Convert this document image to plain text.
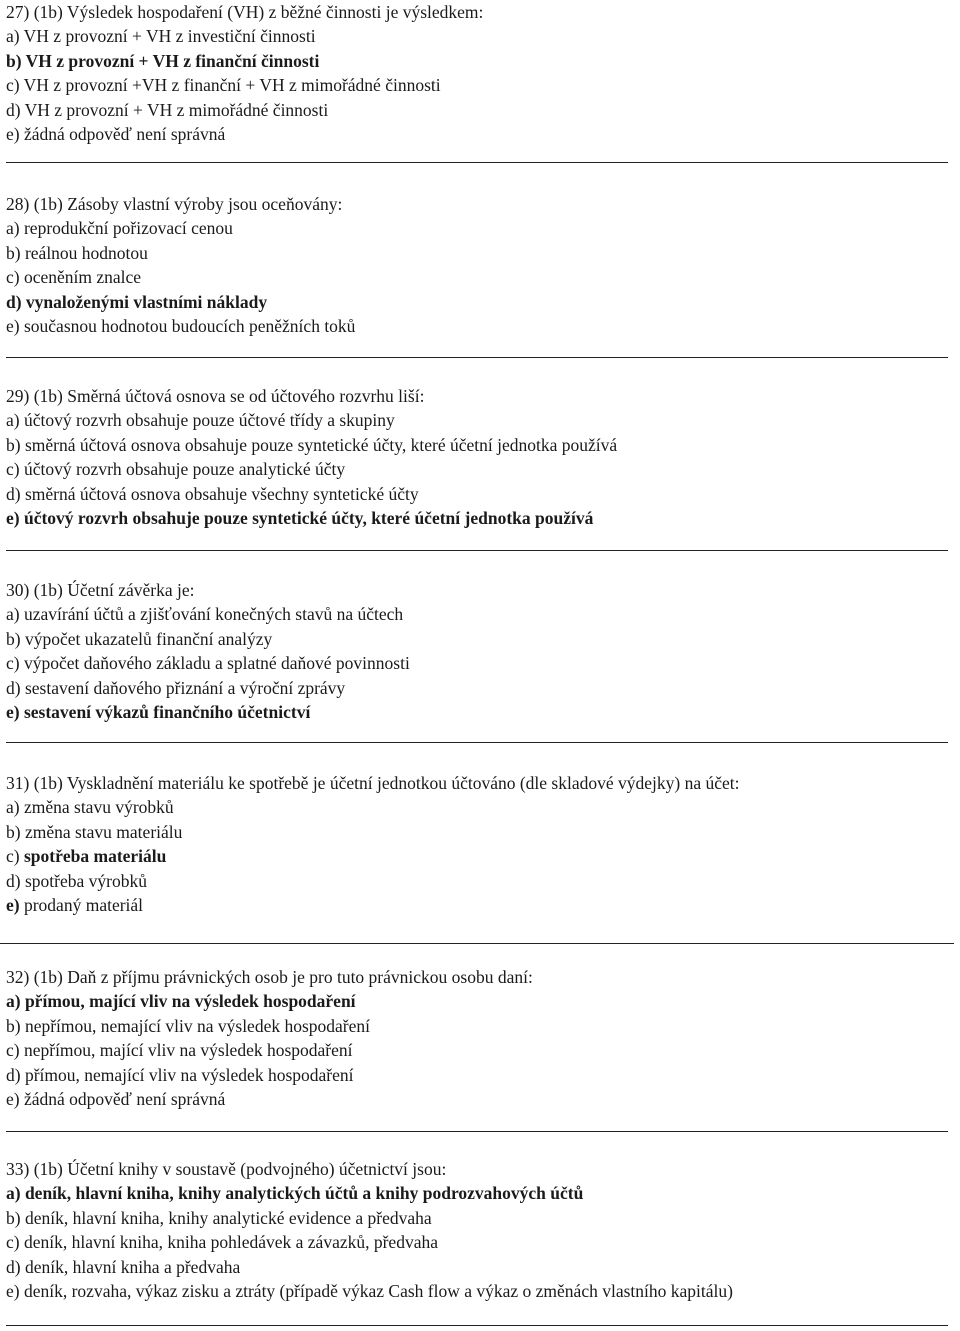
27) (1b) Výsledek hospodaření (VH) z běžné činnosti je výsledkem:
a) VH z provozní + VH z investiční činnosti
b) VH z provozní + VH z finanční činnosti
c) VH z provozní +VH z finanční + VH z mimořádné činnosti
d) VH z provozní + VH z mimořádné činnosti
e) žádná odpověď není správná
28) (1b) Zásoby vlastní výroby jsou oceňovány:
a) reprodukční pořizovací cenou
b) reálnou hodnotou
c) oceněním znalce
d) vynaloženými vlastními náklady
e) současnou hodnotou budoucích peněžních toků
29) (1b) Směrná účtová osnova se od účtového rozvrhu liší:
a) účtový rozvrh obsahuje pouze účtové třídy a skupiny
b) směrná účtová osnova obsahuje pouze syntetické účty, které účetní jednotka používá
c) účtový rozvrh obsahuje pouze analytické účty
d) směrná účtová osnova obsahuje všechny syntetické účty
e) účtový rozvrh obsahuje pouze syntetické účty, které účetní jednotka používá
30) (1b) Účetní závěrka je:
a) uzavírání účtů a zjišťování konečných stavů na účtech
b) výpočet ukazatelů finanční analýzy
c) výpočet daňového základu a splatné daňové povinnosti
d) sestavení daňového přiznání a výroční zprávy
e) sestavení výkazů finančního účetnictví
31) (1b) Vyskladnění materiálu ke spotřebě je účetní jednotkou účtováno (dle skladové výdejky) na účet:
a) změna stavu výrobků
b) změna stavu materiálu
c) spotřeba materiálu
d) spotřeba výrobků
e) prodaný materiál
32) (1b) Daň z příjmu právnických osob je pro tuto právnickou osobu daní:
a) přímou, mající vliv na výsledek hospodaření
b) nepřímou, nemající vliv na výsledek hospodaření
c) nepřímou, mající vliv na výsledek hospodaření
d) přímou, nemající vliv na výsledek hospodaření
e) žádná odpověď není správná
33) (1b) Účetní knihy v soustavě (podvojného) účetnictví jsou:
a) deník, hlavní kniha, knihy analytických účtů a knihy podrozvahových účtů
b) deník, hlavní kniha, knihy analytické evidence a předvaha
c) deník, hlavní kniha, kniha pohledávek a závazků, předvaha
d) deník, hlavní kniha a předvaha
e) deník, rozvaha, výkaz zisku a ztráty (případě výkaz Cash flow a výkaz o změnách vlastního kapitálu)
